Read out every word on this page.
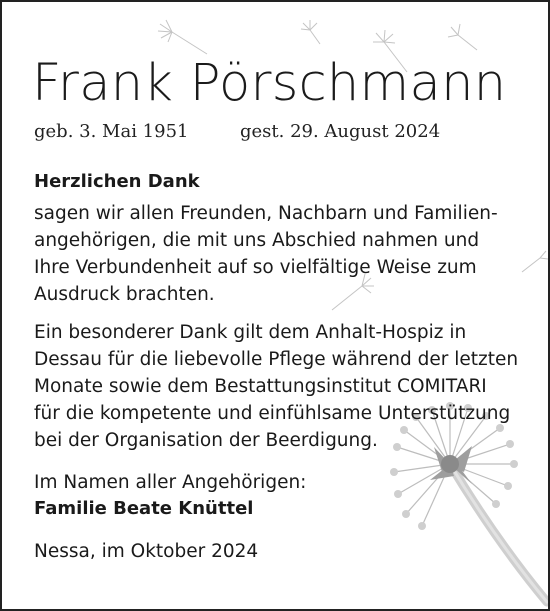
Frank Pörschmann
geb. 3. Mai 1951	gest. 29. August 2024
Herzlichen Dank
sagen wir allen Freunden, Nachbarn und Familien-
angehörigen, die mit uns Abschied nahmen und
Ihre Verbundenheit auf so vielfältige Weise zum
Ausdruck brachten.
Ein besonderer Dank gilt dem Anhalt-Hospiz in
Dessau für die liebevolle Pflege während der letzten
Monate sowie dem Bestattungsinstitut COMITARI
für die kompetente und einfühlsame Unterstützung
bei der Organisation der Beerdigung.
Im Namen aller Angehörigen:
Familie Beate Knüttel
Nessa, im Oktober 2024
